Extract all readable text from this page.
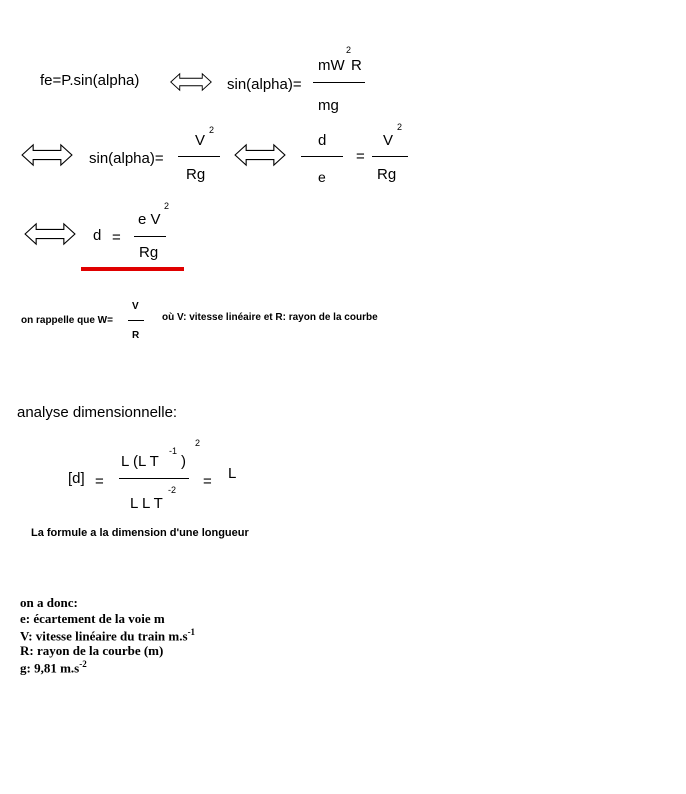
fe=P.sin(alpha)	sin(alpha)=
mW
2
R
mg
sin(alpha)=
V
2
Rg
d
e
=
V
2
Rg
d =
e V
2
Rg
on rappelle que W=
V
R
où V: vitesse linéaire et R: rayon de la courbe
analyse dimensionnelle:
[d] =
L (L T
-1
)
2
L L T
-2 = L
La formule a la dimension d'une longueur
on a donc:
e: écartement de la voie m
V: vitesse linéaire du train $m.s^{-1}$
R: rayon de la courbe (m)
g: 9,81 $m.s^{-2}$
